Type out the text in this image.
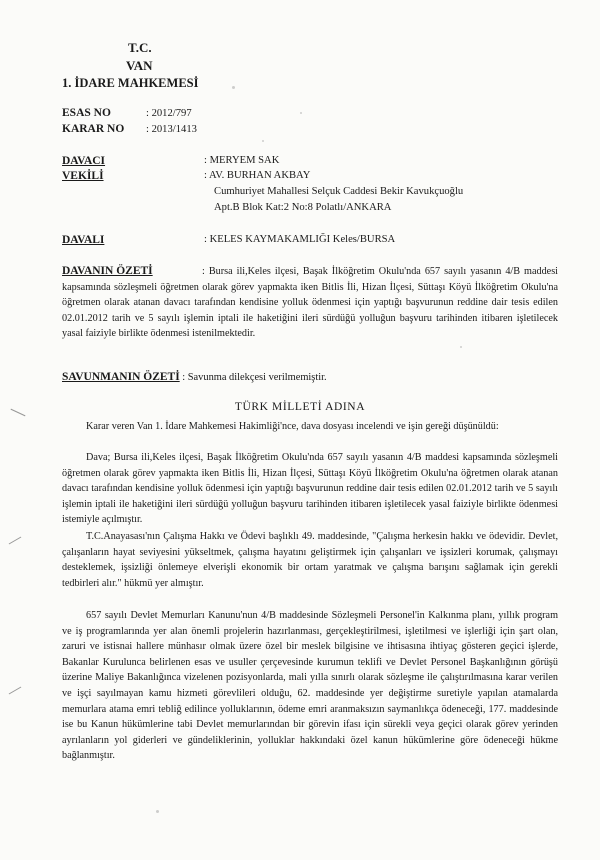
T.C.
VAN
1. İDARE MAHKEMESİ
ESAS NO	: 2012/797
KARAR NO : 2013/1413
DAVACI	: MERYEM SAK
VEKİLİ	: AV. BURHAN AKBAY
Cumhuriyet Mahallesi Selçuk Caddesi Bekir Kavukçuoğlu
Apt.B Blok Kat:2 No:8 Polatlı/ANKARA
DAVALI	: KELES KAYMAKAMLIĞI Keles/BURSA
DAVANIN ÖZETİ	: Bursa ili,Keles ilçesi, Başak İlköğretim Okulu'nda 657 sayılı yasanın 4/B maddesi kapsamında sözleşmeli öğretmen olarak görev yapmakta iken Bitlis İli, Hizan İlçesi, Süttaşı Köyü İlköğretim Okulu'na öğretmen olarak atanan davacı tarafından kendisine yolluk ödenmesi için yaptığı başvurunun reddine dair tesis edilen 02.01.2012 tarih ve 5 sayılı işlemin iptali ile haketiğini ileri sürdüğü yolluğun başvuru tarihinden itibaren işletilecek yasal faiziyle birlikte ödenmesi istenilmektedir.
SAVUNMANIN ÖZETİ : Savunma dilekçesi verilmemiştir.
TÜRK MİLLETİ ADINA
Karar veren Van 1. İdare Mahkemesi Hakimliği'nce, dava dosyası incelendi ve işin gereği düşünüldü:
Dava; Bursa ili,Keles ilçesi, Başak İlköğretim Okulu'nda 657 sayılı yasanın 4/B maddesi kapsamında sözleşmeli öğretmen olarak görev yapmakta iken Bitlis İli, Hizan İlçesi, Süttaşı Köyü İlköğretim Okulu'na öğretmen olarak atanan davacı tarafından kendisine yolluk ödenmesi için yaptığı başvurunun reddine dair tesis edilen 02.01.2012 tarih ve 5 sayılı işlemin iptali ile haketiğini ileri sürdüğü yolluğun başvuru tarihinden itibaren işletilecek yasal faiziyle birlikte ödenmesi istemiyle açılmıştır.
T.C.Anayasası'nın Çalışma Hakkı ve Ödevi başlıklı 49. maddesinde, "Çalışma herkesin hakkı ve ödevidir. Devlet, çalışanların hayat seviyesini yükseltmek, çalışma hayatını geliştirmek için çalışanları ve işsizleri korumak, çalışmayı desteklemek, işsizliği önlemeye elverişli ekonomik bir ortam yaratmak ve çalışma barışını sağlamak için gerekli tedbirleri alır." hükmü yer almıştır.
657 sayılı Devlet Memurları Kanunu'nun 4/B maddesinde Sözleşmeli Personel'in Kalkınma planı, yıllık program ve iş programlarında yer alan önemli projelerin hazırlanması, gerçekleştirilmesi, işletilmesi ve işlerliği için şart olan, zaruri ve istisnai hallere münhasır olmak üzere özel bir meslek bilgisine ve ihtisasına ihtiyaç gösteren geçici işlerde, Bakanlar Kurulunca belirlenen esas ve usuller çerçevesinde kurumun teklifi ve Devlet Personel Başkanlığının görüşü üzerine Maliye Bakanlığınca vizelenen pozisyonlarda, mali yılla sınırlı olarak sözleşme ile çalıştırılmasına karar verilen ve işçi sayılmayan kamu hizmeti görevlileri olduğu, 62. maddesinde yer değiştirme suretiyle yapılan atamalarda memurlara atama emri tebliğ edilince yolluklarının, ödeme emri aranmaksızın saymanlıkça ödeneceği, 177. maddesinde ise bu Kanun hükümlerine tabi Devlet memurlarından bir görevin ifası için sürekli veya geçici olarak görev yerinden ayrılanların yol giderleri ve gündeliklerinin, yolluklar hakkındaki özel kanun hükümlerine göre ödeneceği hükme bağlanmıştır.
